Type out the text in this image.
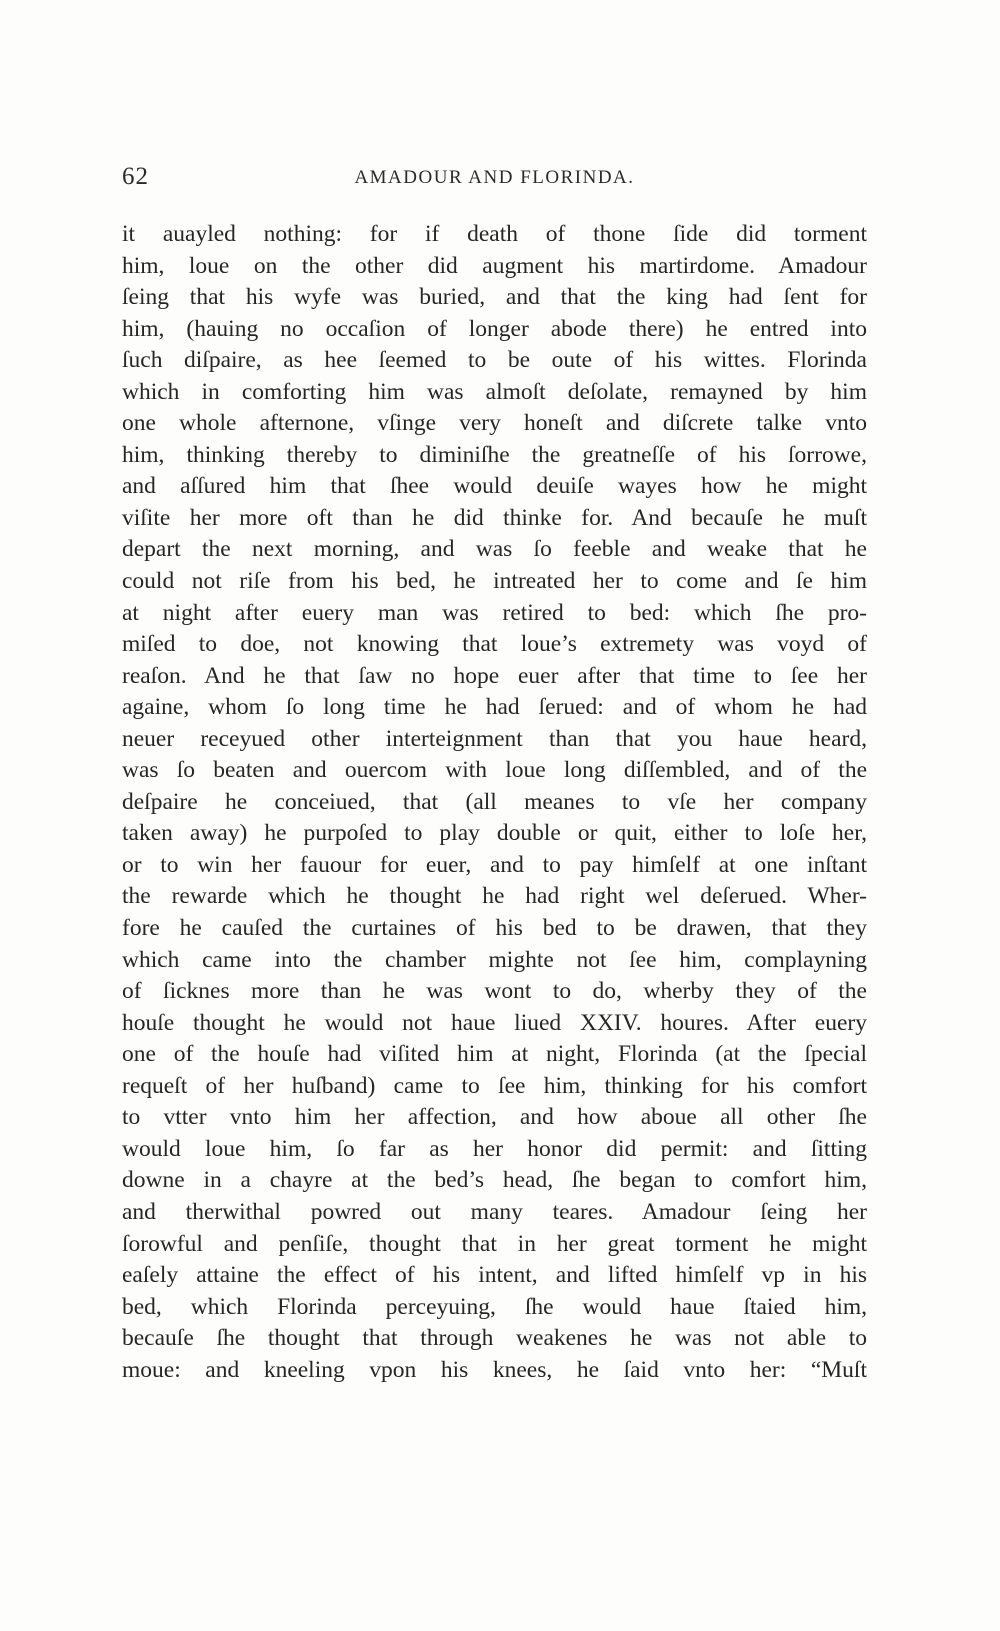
62	AMADOUR AND FLORINDA.
it auayled nothing: for if death of thone ſide did torment
him, loue on the other did augment his martirdome. Amadour
ſeing that his wyfe was buried, and that the king had ſent for
him, (hauing no occaſion of longer abode there) he entred into
ſuch diſpaire, as hee ſeemed to be oute of his wittes. Florinda
which in comforting him was almoſt deſolate, remayned by him
one whole afternone, vſinge very honeſt and diſcrete talke vnto
him, thinking thereby to diminiſhe the greatneſſe of his ſorrowe,
and aſſured him that ſhee would deuiſe wayes how he might
viſite her more oft than he did thinke for. And becauſe he muſt
depart the next morning, and was ſo feeble and weake that he
could not riſe from his bed, he intreated her to come and ſe him
at night after euery man was retired to bed: which ſhe pro-
miſed to doe, not knowing that loue’s extremety was voyd of
reaſon. And he that ſaw no hope euer after that time to ſee her
againe, whom ſo long time he had ſerued: and of whom he had
neuer receyued other interteignment than that you haue heard,
was ſo beaten and ouercom with loue long diſſembled, and of the
deſpaire he conceiued, that (all meanes to vſe her company
taken away) he purpoſed to play double or quit, either to loſe her,
or to win her fauour for euer, and to pay himſelf at one inſtant
the rewarde which he thought he had right wel deſerued. Wher-
fore he cauſed the curtaines of his bed to be drawen, that they
which came into the chamber mighte not ſee him, complayning
of ſicknes more than he was wont to do, wherby they of the
houſe thought he would not haue liued XXIV. houres. After euery
one of the houſe had viſited him at night, Florinda (at the ſpecial
requeſt of her huſband) came to ſee him, thinking for his comfort
to vtter vnto him her affection, and how aboue all other ſhe
would loue him, ſo far as her honor did permit: and ſitting
downe in a chayre at the bed’s head, ſhe began to comfort him,
and therwithal powred out many teares. Amadour ſeing her
ſorowful and penſiſe, thought that in her great torment he might
eaſely attaine the effect of his intent, and lifted himſelf vp in his
bed, which Florinda perceyuing, ſhe would haue ſtaied him,
becauſe ſhe thought that through weakenes he was not able to
moue: and kneeling vpon his knees, he ſaid vnto her: “Muſt
